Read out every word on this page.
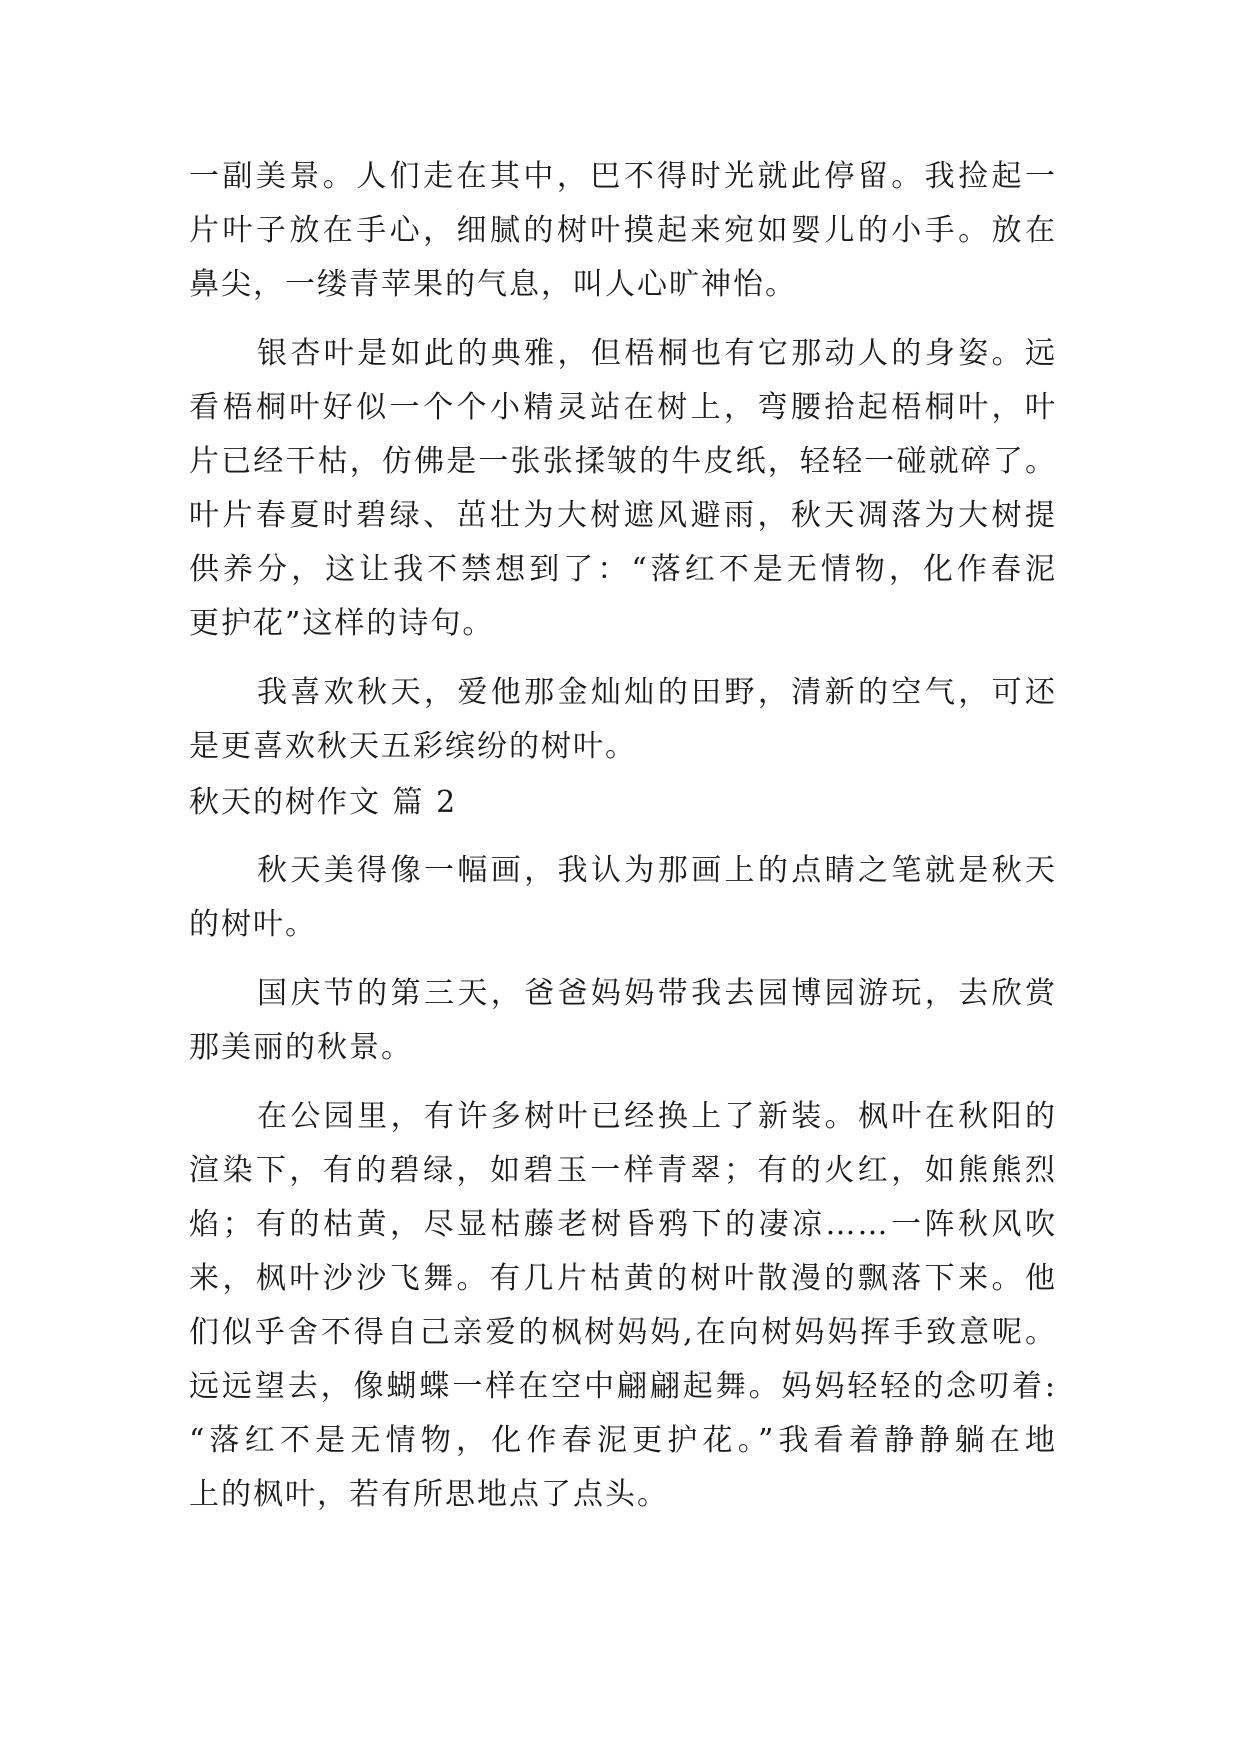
一副美景。人们走在其中，巴不得时光就此停留。我捡起一
片叶子放在手心，细腻的树叶摸起来宛如婴儿的小手。放在
鼻尖，一缕青苹果的气息，叫人心旷神怡。
银杏叶是如此的典雅，但梧桐也有它那动人的身姿。远
看梧桐叶好似一个个小精灵站在树上，弯腰拾起梧桐叶，叶
片已经干枯，仿佛是一张张揉皱的牛皮纸，轻轻一碰就碎了。
叶片春夏时碧绿、茁壮为大树遮风避雨，秋天凋落为大树提
供养分，这让我不禁想到了：“落红不是无情物，化作春泥
更护花”这样的诗句。
我喜欢秋天，爱他那金灿灿的田野，清新的空气，可还
是更喜欢秋天五彩缤纷的树叶。
秋天的树作文 篇 2
秋天美得像一幅画，我认为那画上的点睛之笔就是秋天
的树叶。
国庆节的第三天，爸爸妈妈带我去园博园游玩，去欣赏
那美丽的秋景。
在公园里，有许多树叶已经换上了新装。枫叶在秋阳的
渲染下，有的碧绿，如碧玉一样青翠；有的火红，如熊熊烈
焰；有的枯黄，尽显枯藤老树昏鸦下的凄凉……一阵秋风吹
来，枫叶沙沙飞舞。有几片枯黄的树叶散漫的飘落下来。他
们似乎舍不得自己亲爱的枫树妈妈,在向树妈妈挥手致意呢。
远远望去，像蝴蝶一样在空中翩翩起舞。妈妈轻轻的念叨着:
“落红不是无情物，化作春泥更护花。”我看着静静躺在地
上的枫叶，若有所思地点了点头。
